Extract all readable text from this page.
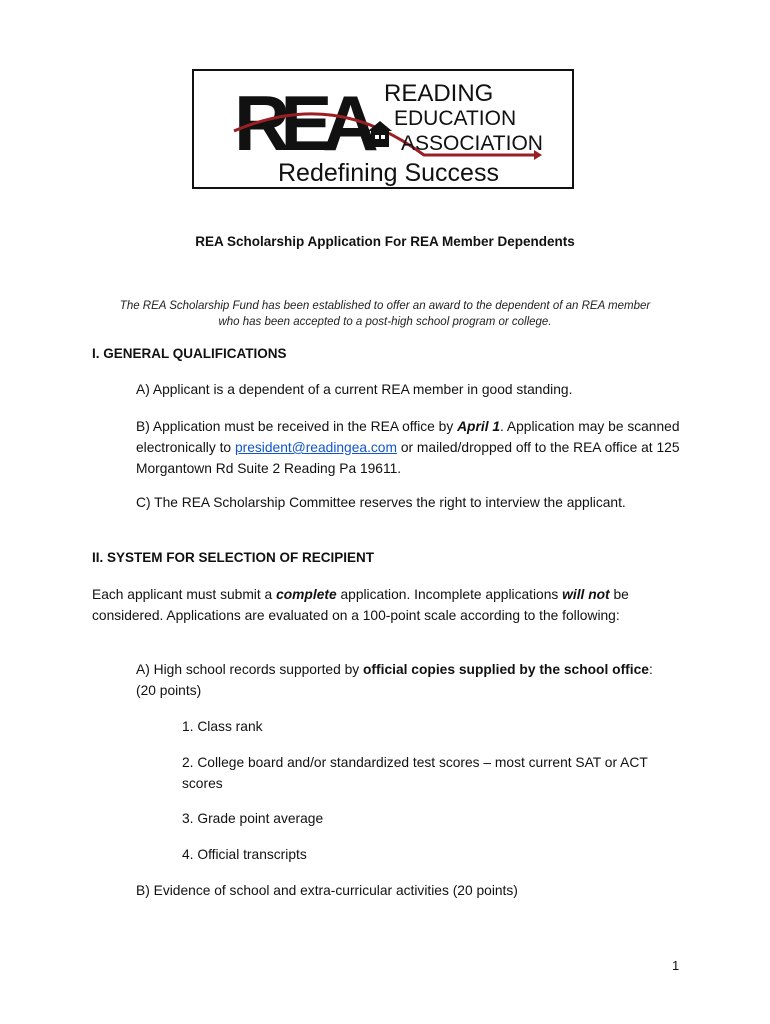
REA READING
EDUCATION
ASSOCIATION
Redefining Success
REA Scholarship Application For REA Member Dependents
The REA Scholarship Fund has been established to offer an award to the dependent of an REA member
who has been accepted to a post-high school program or college.
I. GENERAL QUALIFICATIONS
A) Applicant is a dependent of a current REA member in good standing.
B) Application must be received in the REA office by April 1. Application may be scanned electronically to president@readingea.com or mailed/dropped off to the REA office at 125 Morgantown Rd Suite 2 Reading Pa 19611.
C) The REA Scholarship Committee reserves the right to interview the applicant.
II. SYSTEM FOR SELECTION OF RECIPIENT
Each applicant must submit a complete application. Incomplete applications will not be considered. Applications are evaluated on a 100-point scale according to the following:
A) High school records supported by official copies supplied by the school office: (20 points)
1. Class rank
2. College board and/or standardized test scores – most current SAT or ACT scores
3. Grade point average
4. Official transcripts
B) Evidence of school and extra-curricular activities (20 points)
1
